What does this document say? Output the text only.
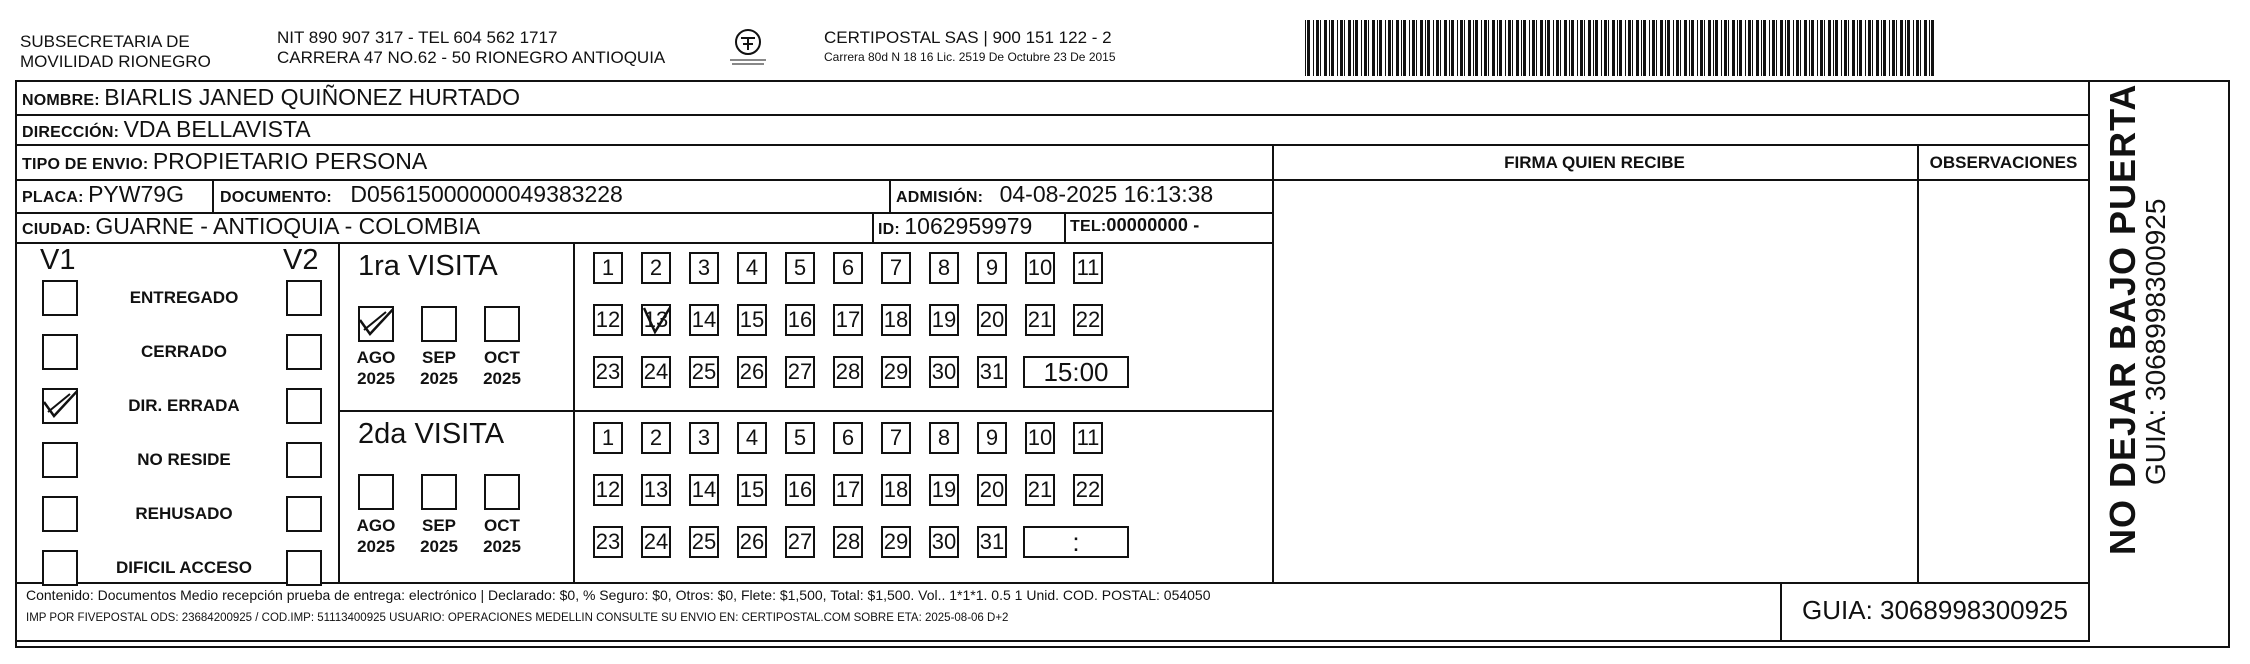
SUBSECRETARIA DE
MOVILIDAD RIONEGRO
NIT 890 907 317 - TEL 604 562 1717
CARRERA 47 NO.62 - 50 RIONEGRO ANTIOQUIA
CERTIPOSTAL SAS | 900 151 122 - 2
Carrera 80d N 18 16 Lic. 2519 De Octubre 23 De 2015
NOMBRE: BIARLIS JANED QUIÑONEZ HURTADO
DIRECCIÓN: VDA BELLAVISTA
TIPO DE ENVIO: PROPIETARIO PERSONA
PLACA: PYW79G DOCUMENTO: D05615000000049383228	ADMISIÓN: 04-08-2025 16:13:38
CIUDAD: GUARNE - ANTIOQUIA - COLOMBIA	ID: 1062959979 TEL:00000000 -
FIRMA QUIEN RECIBE	OBSERVACIONES
V1	V2
ENTREGADO
CERRADO
DIR. ERRADA
NO RESIDE
REHUSADO
DIFICIL ACCESO
1ra VISITA
2da VISITA
AGO
2025
SEP
2025
OCT
2025
AGO
2025
SEP
2025
OCT
2025
1	2	3	4	5	6	7	8	9	10 11
12 13 14 15 16 17 18 19 20 21 22
23 24 25 26 27 28 29 30 31	15:00
1	2	3	4	5	6	7	8	9	10 11
12 13 14 15 16 17 18 19 20 21 22
23 24 25 26 27 28 29 30 31	:
Contenido: Documentos Medio recepción prueba de entrega: electrónico | Declarado: $0, % Seguro: $0, Otros: $0, Flete: $1,500, Total: $1,500. Vol.. 1*1*1. 0.5 1 Unid. COD. POSTAL: 054050
IMP POR FIVEPOSTAL ODS: 23684200925 / COD.IMP: 51113400925 USUARIO: OPERACIONES MEDELLIN CONSULTE SU ENVIO EN: CERTIPOSTAL.COM SOBRE ETA: 2025-08-06 D+2	GUIA: 3068998300925
NO DEJAR BAJO PUERTA
GUIA: 3068998300925
